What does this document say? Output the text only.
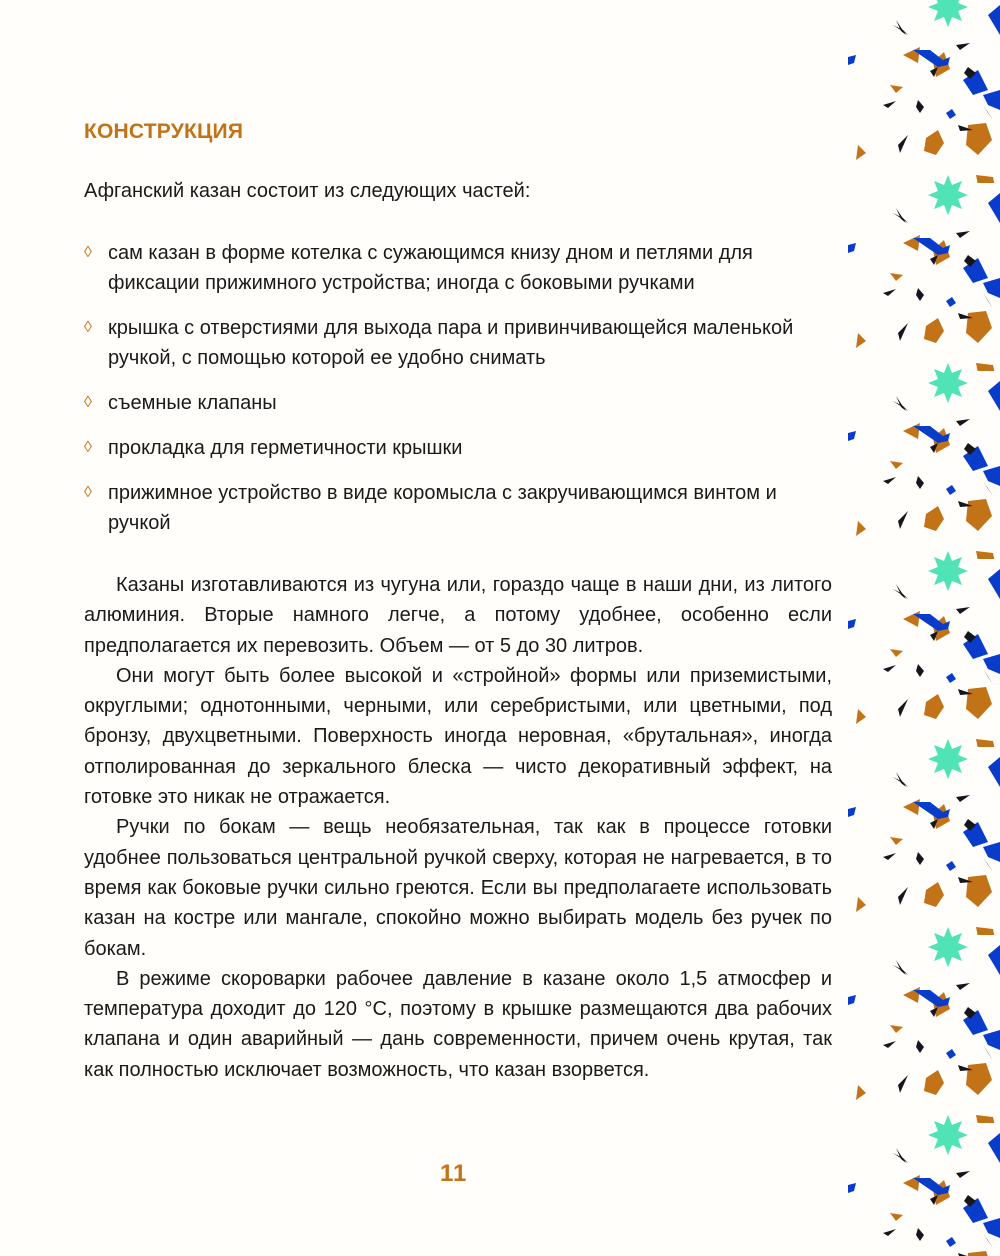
КОНСТРУКЦИЯ

Афганский казан состоит из следующих частей:

◊ сам казан в форме котелка с сужающимся книзу дном и петлями для фиксации прижимного устройства; иногда с боковыми ручками
◊ крышка с отверстиями для выхода пара и привинчивающейся маленькой ручкой, с помощью которой ее удобно снимать
◊ съемные клапаны
◊ прокладка для герметичности крышки
◊ прижимное устройство в виде коромысла с закручивающимся винтом и ручкой

Казаны изготавливаются из чугуна или, гораздо чаще в наши дни, из литого алюминия. Вторые намного легче, а потому удобнее, особенно если предполагается их перевозить. Объем — от 5 до 30 литров.

Они могут быть более высокой и «стройной» формы или приземистыми, округлыми; однотонными, черными, или серебристыми, или цветными, под бронзу, двухцветными. Поверхность иногда неровная, «брутальная», иногда отполированная до зеркального блеска — чисто декоративный эффект, на готовке это никак не отражается.

Ручки по бокам — вещь необязательная, так как в процессе готовки удобнее пользоваться центральной ручкой сверху, которая не нагревается, в то время как боковые ручки сильно греются. Если вы предполагаете использовать казан на костре или мангале, спокойно можно выбирать модель без ручек по бокам.

В режиме скороварки рабочее давление в казане около 1,5 атмосфер и температура доходит до 120 °C, поэтому в крышке размещаются два рабочих клапана и один аварийный — дань современности, причем очень крутая, так как полностью исключает возможность, что казан взорвется.

11
